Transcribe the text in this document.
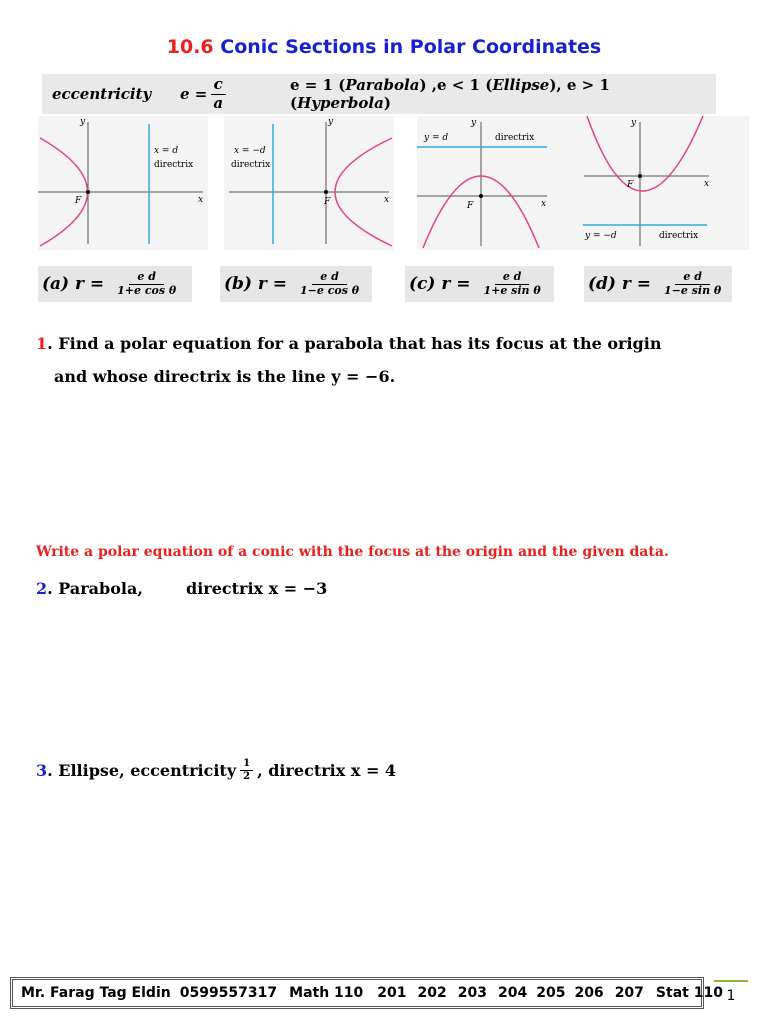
10.6 Conic Sections in Polar Coordinates
eccentricity $e = \frac{c}{a}$	e = 1 (Parabola) ,e < 1 (Ellipse), e > 1 (Hyperbola)
y
x
F
x = d
directrix
y
x
F
x = −d
directrix
y
x
F
y = d	directrix
y
x
F
y = −d	directrix
(a) $r = \frac{\text{e d}}{\text{1+e cos θ}}$	(b) $r = \frac{\text{e d}}{\text{1−e cos θ}}$	(c) $r = \frac{\text{e d}}{\text{1+e sin θ}}$	(d) $r = \frac{\text{e d}}{\text{1−e sin θ}}$
1. Find a polar equation for a parabola that has its focus at the origin
and whose directrix is the line y = −6.
Write a polar equation of a conic with the focus at the origin and the given data.
2. Parabola,	directrix x = −3
3 . Ellipse, eccentricity $\frac{1}{2}$ , directrix x = 4
Mr. Farag Tag Eldin 0599557317 Math 110 201 202 203 204 205 206 207 Stat 110 1
